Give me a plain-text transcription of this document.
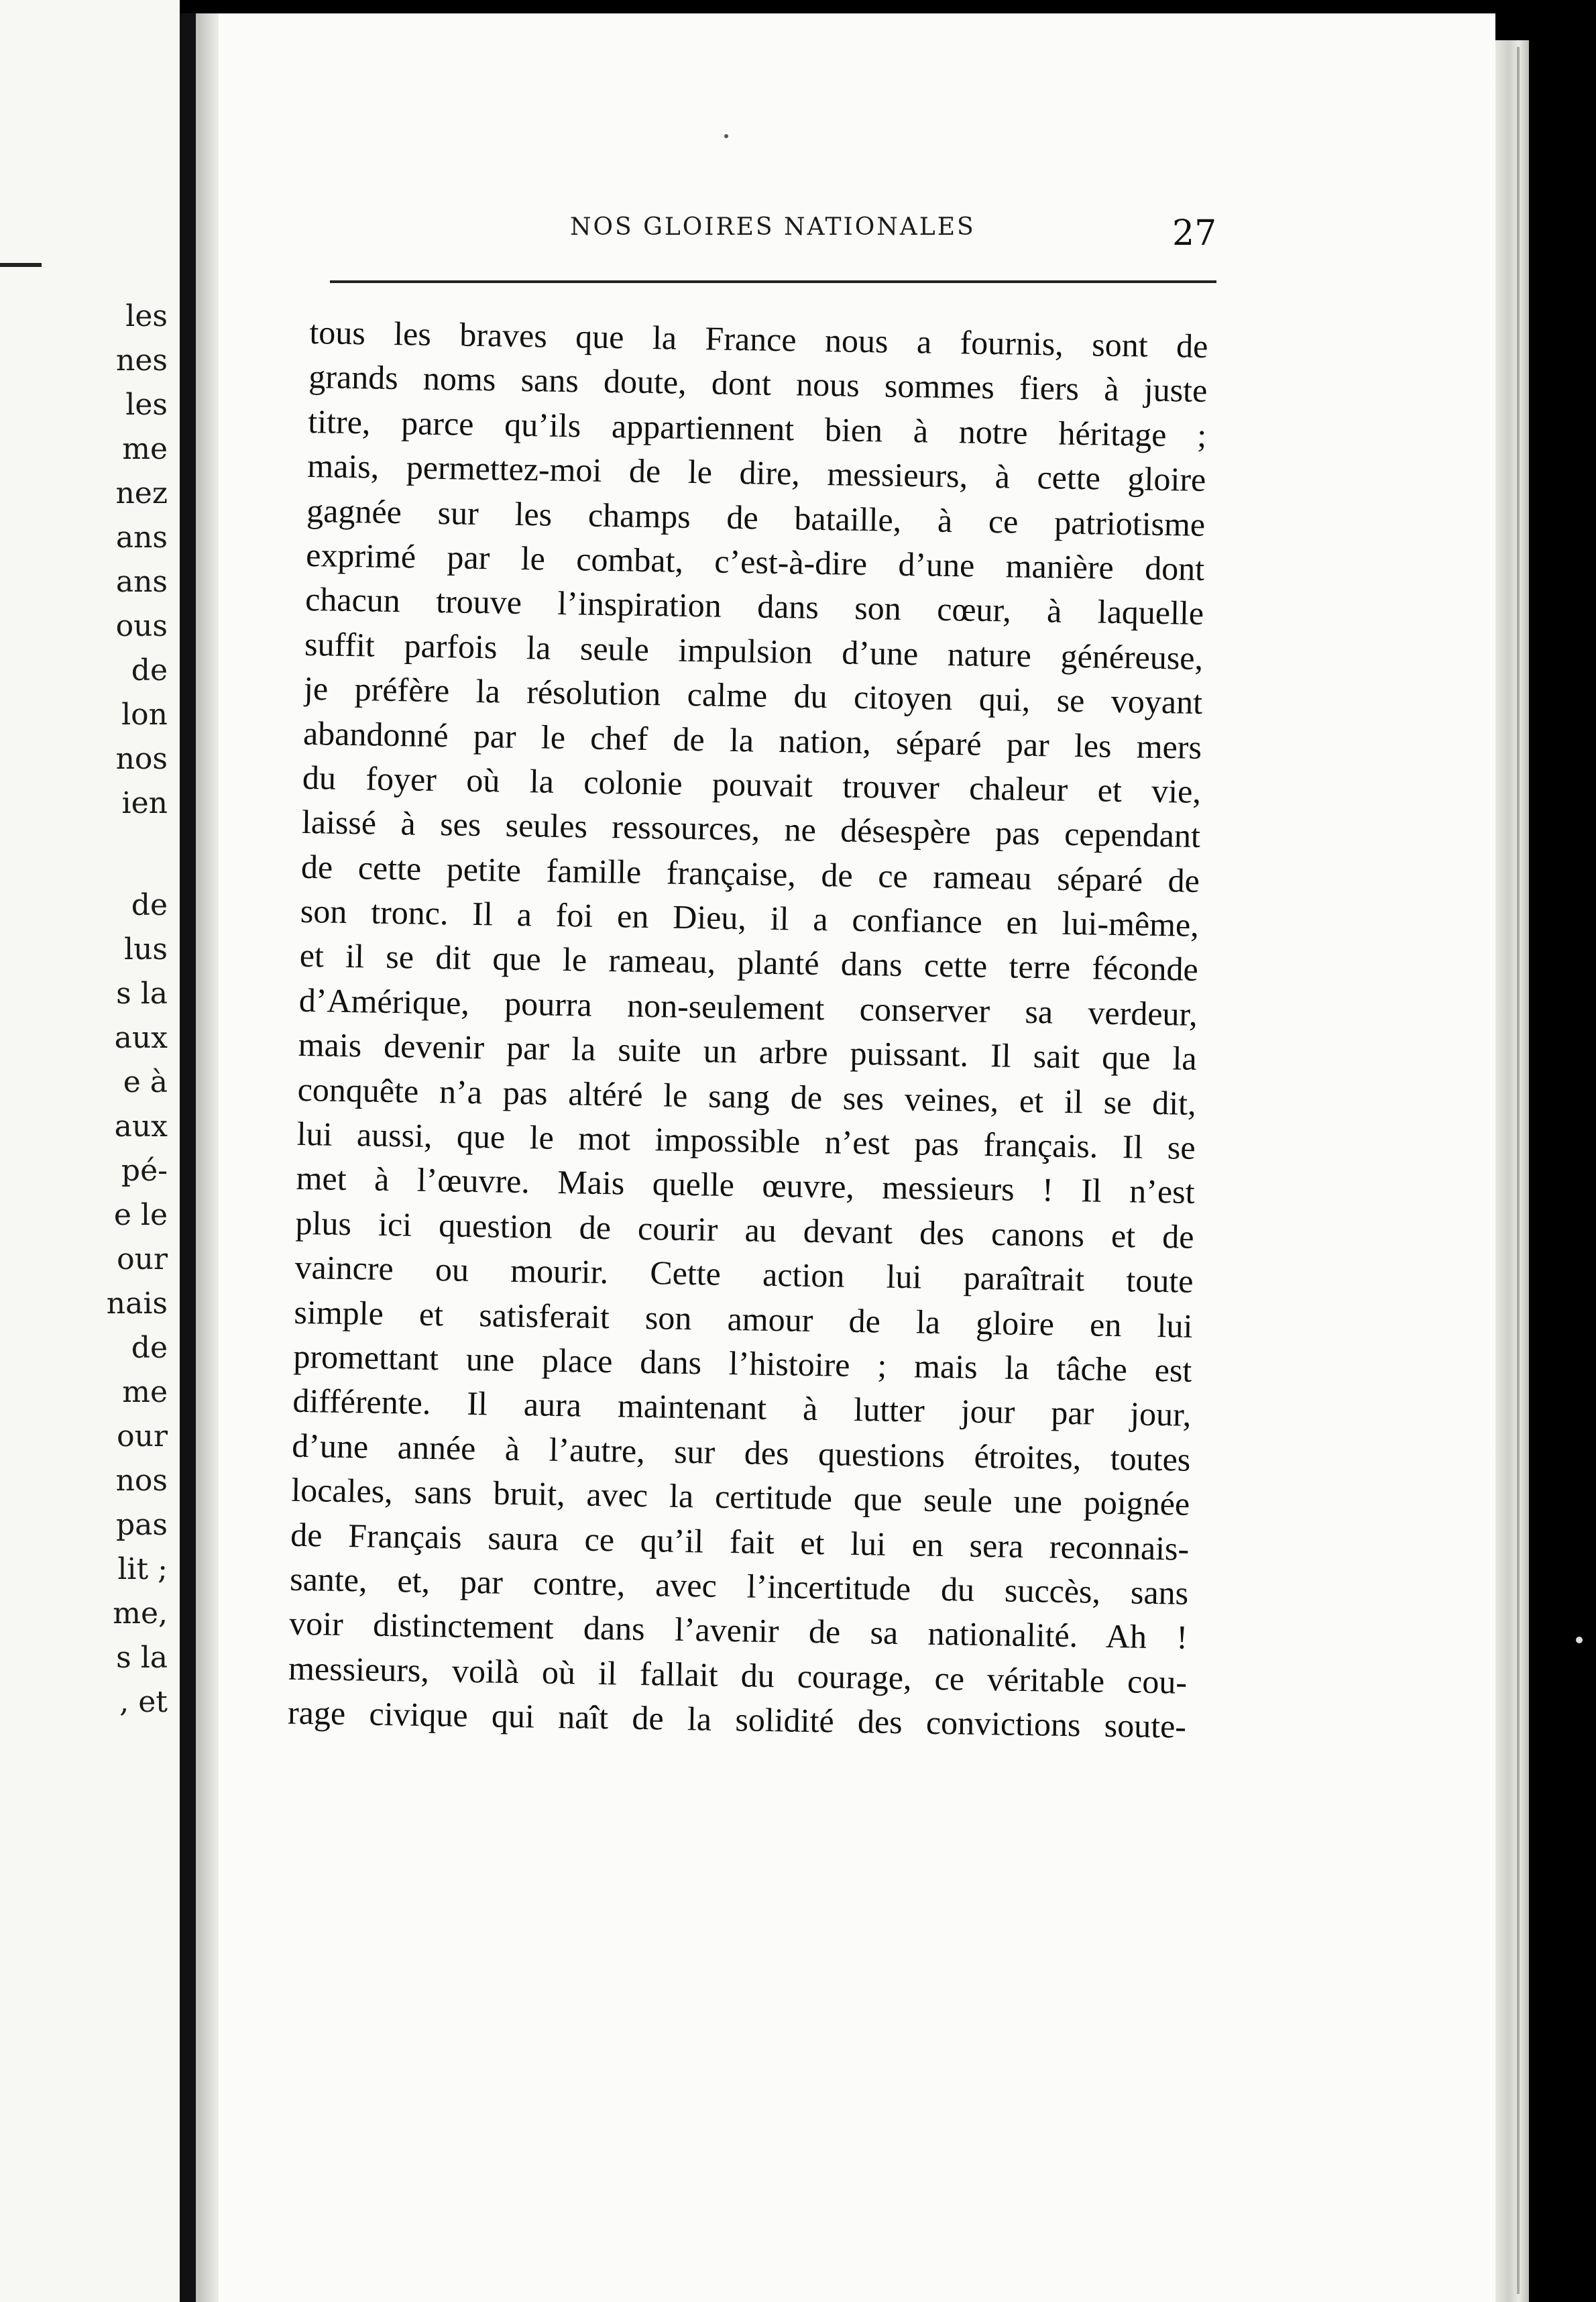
les
nes
les
me
nez
ans
ans
ous
de
lon
nos
ien
de
lus
s la
aux
e à
aux
pé-
e le
our
nais
de
me
our
nos
pas
lit ;
me,
s la
, et
NOS GLOIRES NATIONALES	27
tous les braves que la France nous a fournis, sont de
grands noms sans doute, dont nous sommes fiers à juste
titre, parce qu’ils appartiennent bien à notre héritage ;
mais, permettez-moi de le dire, messieurs, à cette gloire
gagnée sur les champs de bataille, à ce patriotisme
exprimé par le combat, c’est-à-dire d’une manière dont
chacun trouve l’inspiration dans son cœur, à laquelle
suffit parfois la seule impulsion d’une nature généreuse,
je préfère la résolution calme du citoyen qui, se voyant
abandonné par le chef de la nation, séparé par les mers
du foyer où la colonie pouvait trouver chaleur et vie,
laissé à ses seules ressources, ne désespère pas cependant
de cette petite famille française, de ce rameau séparé de
son tronc. Il a foi en Dieu, il a confiance en lui-même,
et il se dit que le rameau, planté dans cette terre féconde
d’Amérique, pourra non-seulement conserver sa verdeur,
mais devenir par la suite un arbre puissant. Il sait que la
conquête n’a pas altéré le sang de ses veines, et il se dit,
lui aussi, que le mot impossible n’est pas français. Il se
met à l’œuvre. Mais quelle œuvre, messieurs ! Il n’est
plus ici question de courir au devant des canons et de
vaincre ou mourir. Cette action lui paraîtrait toute
simple et satisferait son amour de la gloire en lui
promettant une place dans l’histoire ; mais la tâche est
différente. Il aura maintenant à lutter jour par jour,
d’une année à l’autre, sur des questions étroites, toutes
locales, sans bruit, avec la certitude que seule une poignée
de Français saura ce qu’il fait et lui en sera reconnais-
sante, et, par contre, avec l’incertitude du succès, sans
voir distinctement dans l’avenir de sa nationalité. Ah !
messieurs, voilà où il fallait du courage, ce véritable cou-
rage civique qui naît de la solidité des convictions soute-
